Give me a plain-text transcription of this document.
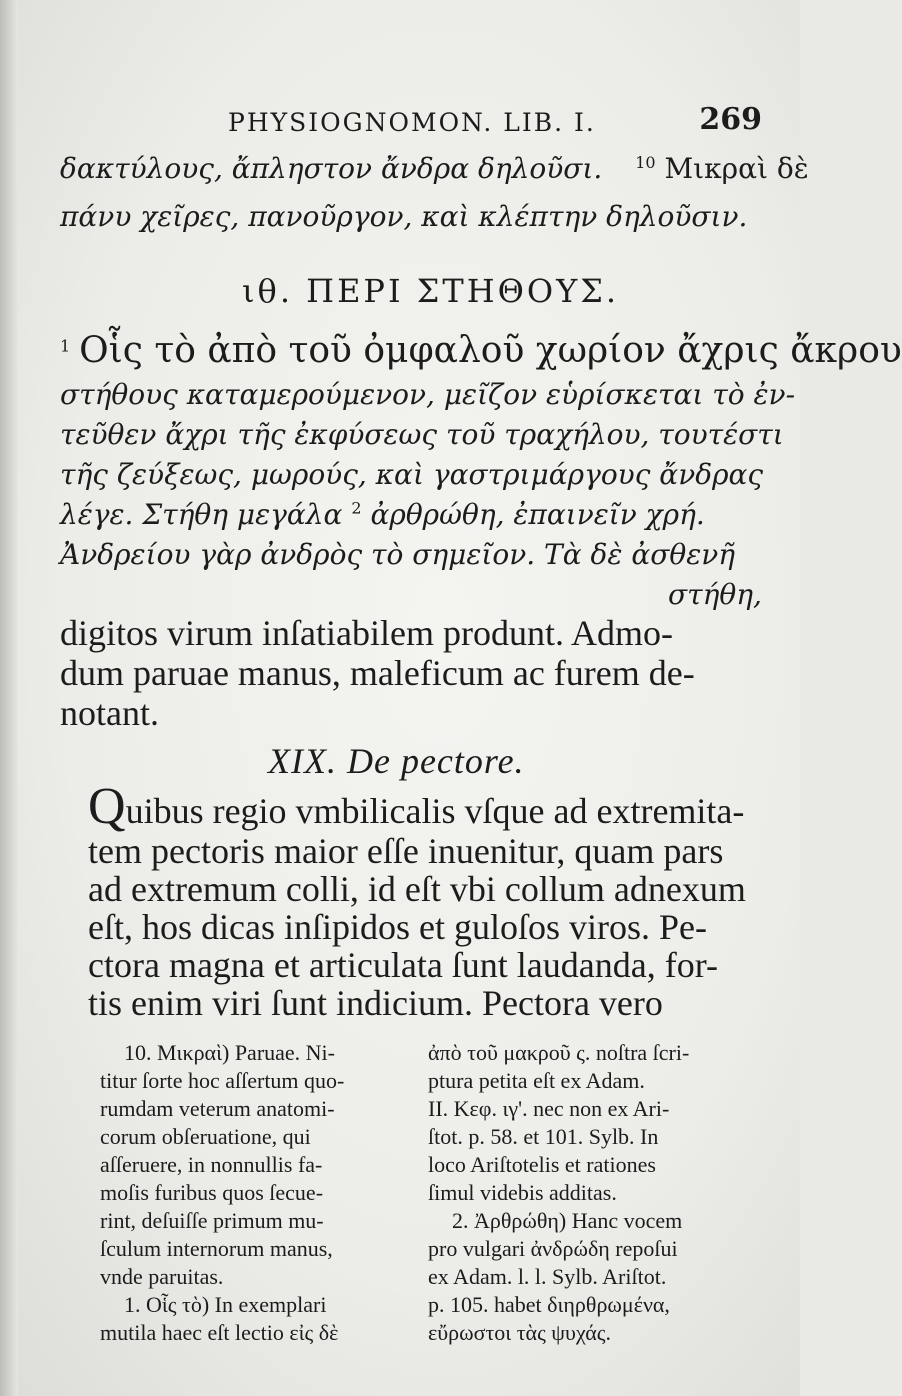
PHYSIOGNOMON. LIB. I.	269
δακτύλους, ἄπληστον ἄνδρα δηλοῦσι. $^{10}$ Μικραὶ δὲ
πάνυ χεῖρες, πανοῦργον, καὶ κλέπτην δηλοῦσιν.
ιθ. ΠΕΡΙ ΣΤΗΘΟΥΣ.
$^1$ Οἷς τὸ ἀπὸ τοῦ ὀμφαλοῦ χωρίον ἄχρις ἄκρου
στήθους καταμερούμενον, μεῖζον εὑρίσκεται τὸ ἐν-
τεῦθεν ἄχρι τῆς ἐκφύσεως τοῦ τραχήλου, τουτέστι
τῆς ζεύξεως, μωρούς, καὶ γαστριμάργους ἄνδρας
λέγε. Στήθη μεγάλα $^2$ ἀρθρώθη, ἐπαινεῖν χρή.
Ἀνδρείου γὰρ ἀνδρὸς τὸ σημεῖον. Τὰ δὲ ἀσθενῆ
στήθη,
digitos virum inſatiabilem produnt. Admo-
dum paruae manus, maleficum ac furem de-
notant.
XIX. De pectore.
Quibus regio vmbilicalis vſque ad extremita-
tem pectoris maior eſſe inuenitur, quam pars
ad extremum colli, id eſt vbi collum adnexum
eſt, hos dicas inſipidos et guloſos viros. Pe-
ctora magna et articulata ſunt laudanda, for-
tis enim viri ſunt indicium. Pectora vero
10. Μικραὶ) Paruae. Ni-
titur ſorte hoc aſſertum quo-
rumdam veterum anatomi-
corum obſeruatione, qui
aſſeruere, in nonnullis fa-
moſis furibus quos ſecue-
rint, deſuiſſe primum mu-
ſculum internorum manus,
vnde paruitas.
1. Οἷς τὸ) In exemplari
mutila haec eſt lectio εἰς δὲ
ἀπὸ τοῦ μακροῦ ς. noſtra ſcri-
ptura petita eſt ex Adam.
II. Κεφ. ιγ'. nec non ex Ari-
ſtot. p. 58. et 101. Sylb. In
loco Ariſtotelis et rationes
ſimul videbis additas.
2. Ἀρθρώθη) Hanc vocem
pro vulgari ἀνδρώδη repoſui
ex Adam. l. l. Sylb. Ariſtot.
p. 105. habet διηρθρωμένα,
εὔρωστοι τὰς ψυχάς.
